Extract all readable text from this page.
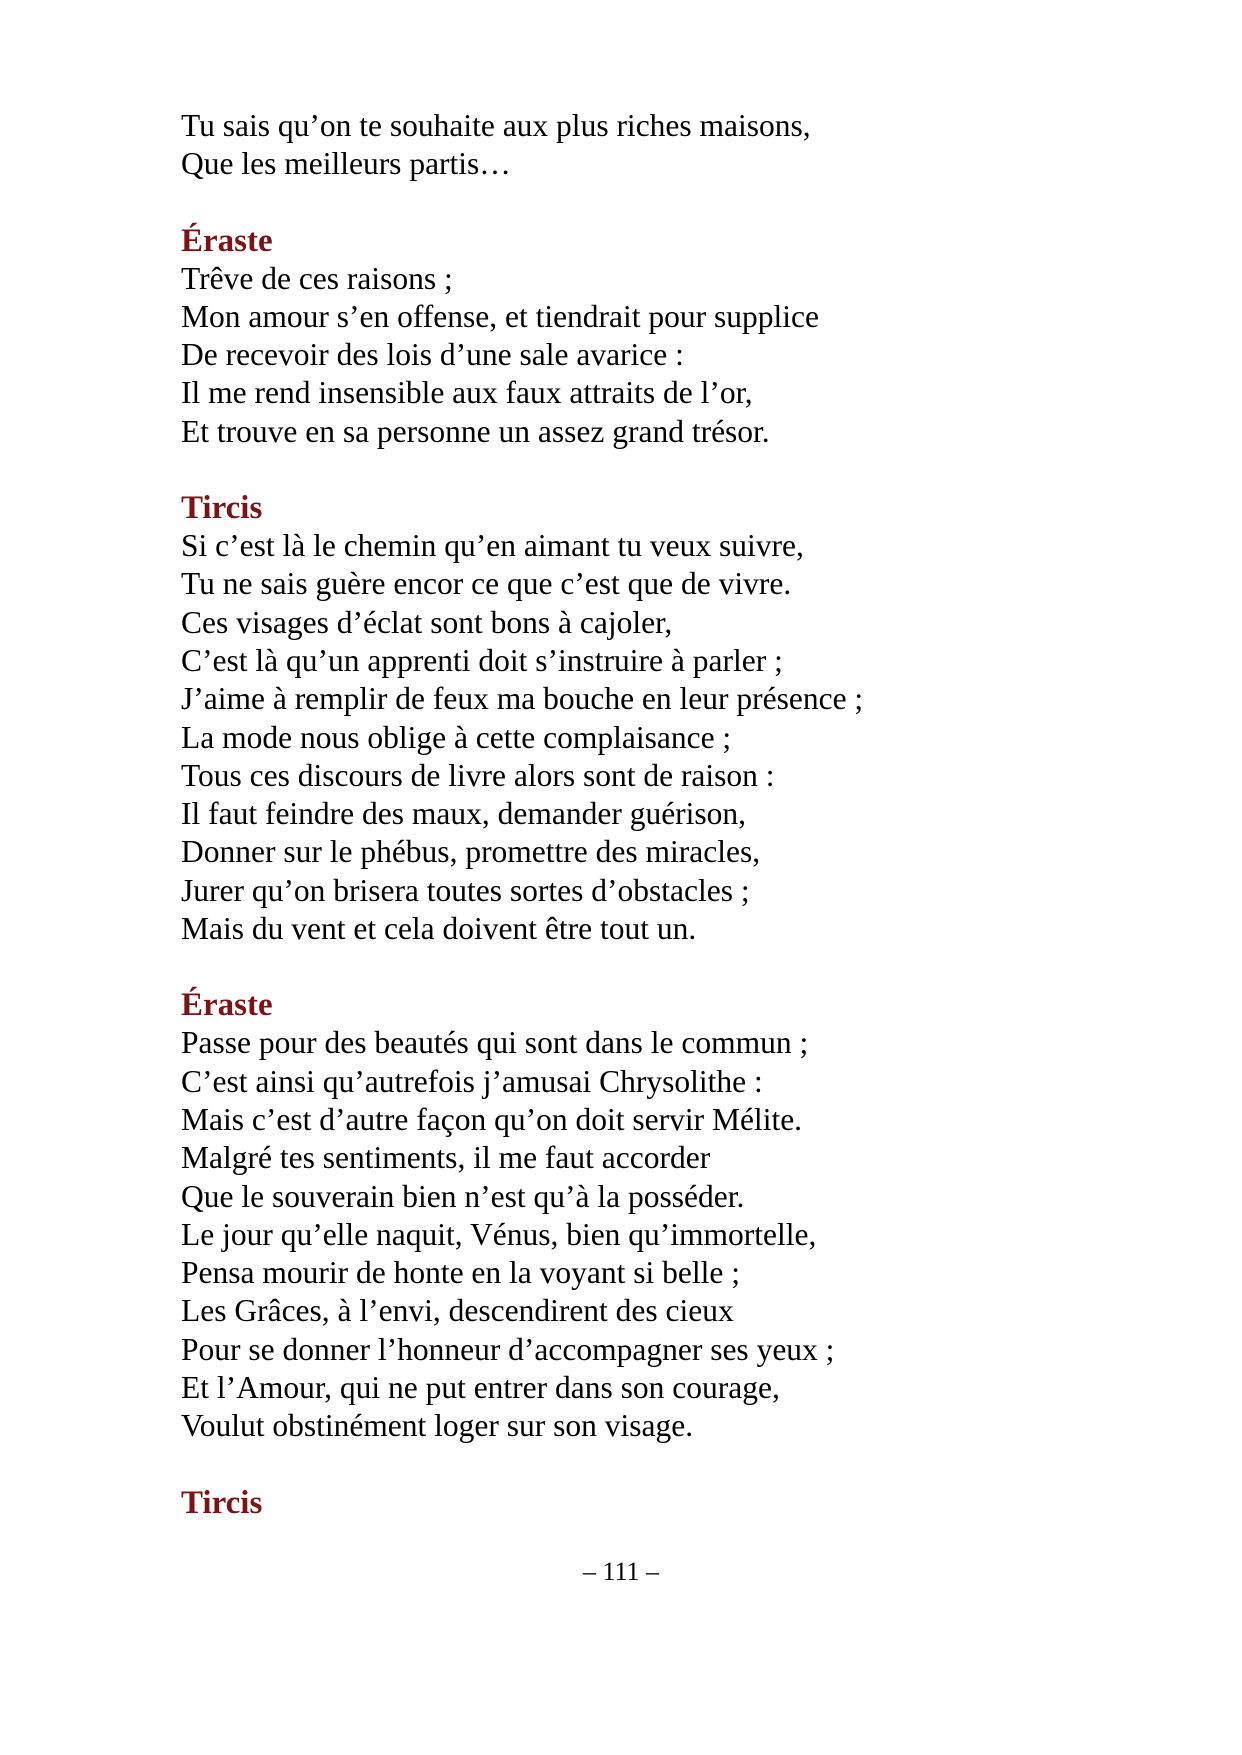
Tu sais qu’on te souhaite aux plus riches maisons,
Que les meilleurs partis…
Éraste
Trêve de ces raisons ;
Mon amour s’en offense, et tiendrait pour supplice
De recevoir des lois d’une sale avarice :
Il me rend insensible aux faux attraits de l’or,
Et trouve en sa personne un assez grand trésor.
Tircis
Si c’est là le chemin qu’en aimant tu veux suivre,
Tu ne sais guère encor ce que c’est que de vivre.
Ces visages d’éclat sont bons à cajoler,
C’est là qu’un apprenti doit s’instruire à parler ;
J’aime à remplir de feux ma bouche en leur présence ;
La mode nous oblige à cette complaisance ;
Tous ces discours de livre alors sont de raison :
Il faut feindre des maux, demander guérison,
Donner sur le phébus, promettre des miracles,
Jurer qu’on brisera toutes sortes d’obstacles ;
Mais du vent et cela doivent être tout un.
Éraste
Passe pour des beautés qui sont dans le commun ;
C’est ainsi qu’autrefois j’amusai Chrysolithe :
Mais c’est d’autre façon qu’on doit servir Mélite.
Malgré tes sentiments, il me faut accorder
Que le souverain bien n’est qu’à la posséder.
Le jour qu’elle naquit, Vénus, bien qu’immortelle,
Pensa mourir de honte en la voyant si belle ;
Les Grâces, à l’envi, descendirent des cieux
Pour se donner l’honneur d’accompagner ses yeux ;
Et l’Amour, qui ne put entrer dans son courage,
Voulut obstinément loger sur son visage.
Tircis
– 111 –
